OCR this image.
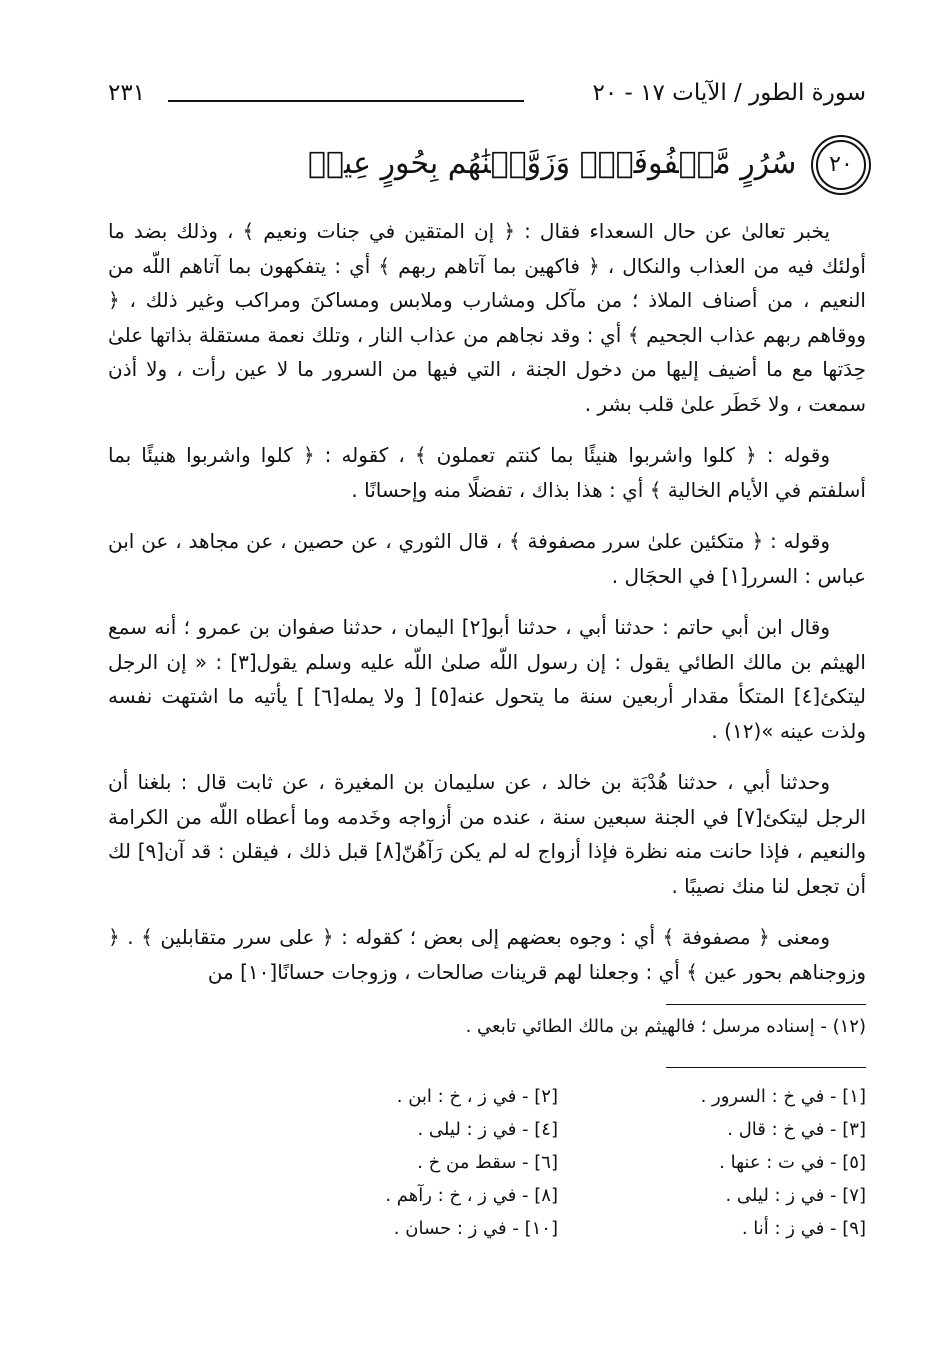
سورة الطور / الآيات ١٧ - ٢٠
٢٣١
٢٠ سُرُرٍ مَّصۡفُوفَةٖۖ وَزَوَّجۡنَٰهُم بِحُورٍ عِينٖ

يخبر تعالىٰ عن حال السعداء فقال : ﴿ إن المتقين في جنات ونعيم ﴾ ، وذلك بضد ما أولئك فيه من العذاب والنكال ، ﴿ فاكهين بما آتاهم ربهم ﴾ أي : يتفكهون بما آتاهم اللّه من النعيم ، من أصناف الملاذ ؛ من مآكل ومشارب وملابس ومساكنَ ومراكب وغير ذلك ، ﴿ ووقاهم ربهم عذاب الجحيم ﴾ أي : وقد نجاهم من عذاب النار ، وتلك نعمة مستقلة بذاتها علىٰ حِدَتها مع ما أضيف إليها من دخول الجنة ، التي فيها من السرور ما لا عين رأت ، ولا أذن سمعت ، ولا خَطَر علىٰ قلب بشر .

وقوله : ﴿ كلوا واشربوا هنيئًا بما كنتم تعملون ﴾ ، كقوله : ﴿ كلوا واشربوا هنيئًا بما أسلفتم في الأيام الخالية ﴾ أي : هذا بذاك ، تفضلًا منه وإحسانًا .

وقوله : ﴿ متكئين علىٰ سرر مصفوفة ﴾ ، قال الثوري ، عن حصين ، عن مجاهد ، عن ابن عباس : السرر[١] في الحجَال .

وقال ابن أبي حاتم : حدثنا أبي ، حدثنا أبو[٢] اليمان ، حدثنا صفوان بن عمرو ؛ أنه سمع الهيثم بن مالك الطائي يقول : إن رسول اللّه صلىٰ اللّه عليه وسلم يقول[٣] : « إن الرجل ليتكئ[٤] المتكأ مقدار أربعين سنة ما يتحول عنه[٥] [ ولا يمله[٦] ] يأتيه ما اشتهت نفسه ولذت عينه »(١٢) .

وحدثنا أبي ، حدثنا هُدْبَة بن خالد ، عن سليمان بن المغيرة ، عن ثابت قال : بلغنا أن الرجل ليتكئ[٧] في الجنة سبعين سنة ، عنده من أزواجه وخَدمه وما أعطاه اللّه من الكرامة والنعيم ، فإذا حانت منه نظرة فإذا أزواج له لم يكن رَآهُنّ[٨] قبل ذلك ، فيقلن : قد آن[٩] لك أن تجعل لنا منك نصيبًا .

ومعنى ﴿ مصفوفة ﴾ أي : وجوه بعضهم إلى بعض ؛ كقوله : ﴿ على سرر متقابلين ﴾ . ﴿ وزوجناهم بحور عين ﴾ أي : وجعلنا لهم قرينات صالحات ، وزوجات حسانًا[١٠] من

(١٢) - إسناده مرسل ؛ فالهيثم بن مالك الطائي تابعي .
[١] - في خ : السرور .
[٢] - في ز ، خ : ابن .
[٣] - في خ : قال .
[٤] - في ز : ليلى .
[٥] - في ت : عنها .
[٦] - سقط من خ .
[٧] - في ز : ليلى .
[٨] - في ز ، خ : رآهم .
[٩] - في ز : أنا .
[١٠] - في ز : حسان .
